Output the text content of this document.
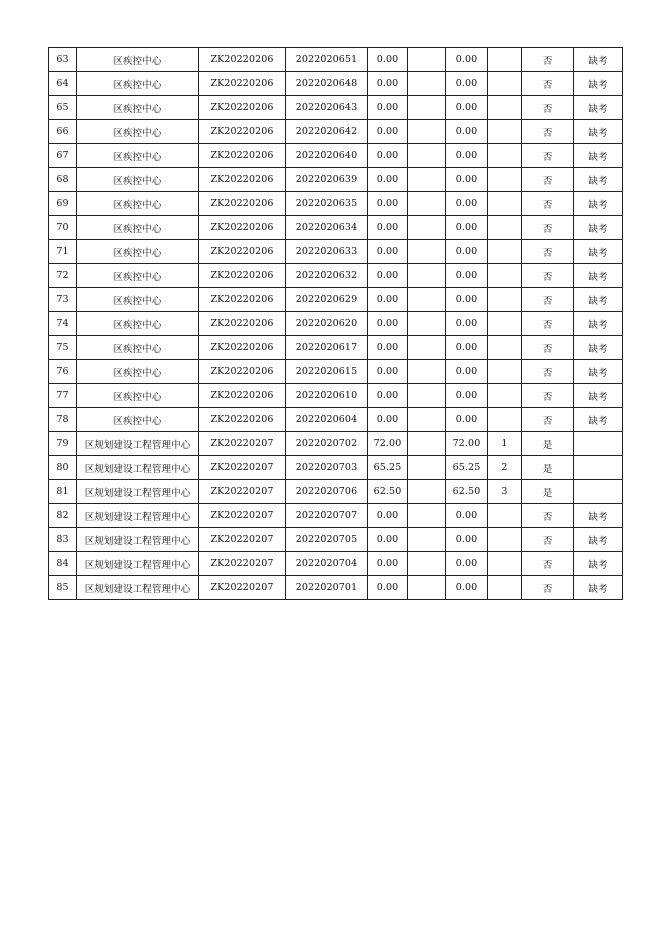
63	区疾控中心	ZK20220206	2022020651	0.00		0.00		否	缺考
64	区疾控中心	ZK20220206	2022020648	0.00		0.00		否	缺考
65	区疾控中心	ZK20220206	2022020643	0.00		0.00		否	缺考
66	区疾控中心	ZK20220206	2022020642	0.00		0.00		否	缺考
67	区疾控中心	ZK20220206	2022020640	0.00		0.00		否	缺考
68	区疾控中心	ZK20220206	2022020639	0.00		0.00		否	缺考
69	区疾控中心	ZK20220206	2022020635	0.00		0.00		否	缺考
70	区疾控中心	ZK20220206	2022020634	0.00		0.00		否	缺考
71	区疾控中心	ZK20220206	2022020633	0.00		0.00		否	缺考
72	区疾控中心	ZK20220206	2022020632	0.00		0.00		否	缺考
73	区疾控中心	ZK20220206	2022020629	0.00		0.00		否	缺考
74	区疾控中心	ZK20220206	2022020620	0.00		0.00		否	缺考
75	区疾控中心	ZK20220206	2022020617	0.00		0.00		否	缺考
76	区疾控中心	ZK20220206	2022020615	0.00		0.00		否	缺考
77	区疾控中心	ZK20220206	2022020610	0.00		0.00		否	缺考
78	区疾控中心	ZK20220206	2022020604	0.00		0.00		否	缺考
79	区规划建设工程管理中心	ZK20220207	2022020702	72.00		72.00	1	是	
80	区规划建设工程管理中心	ZK20220207	2022020703	65.25		65.25	2	是	
81	区规划建设工程管理中心	ZK20220207	2022020706	62.50		62.50	3	是	
82	区规划建设工程管理中心	ZK20220207	2022020707	0.00		0.00		否	缺考
83	区规划建设工程管理中心	ZK20220207	2022020705	0.00		0.00		否	缺考
84	区规划建设工程管理中心	ZK20220207	2022020704	0.00		0.00		否	缺考
85	区规划建设工程管理中心	ZK20220207	2022020701	0.00		0.00		否	缺考
